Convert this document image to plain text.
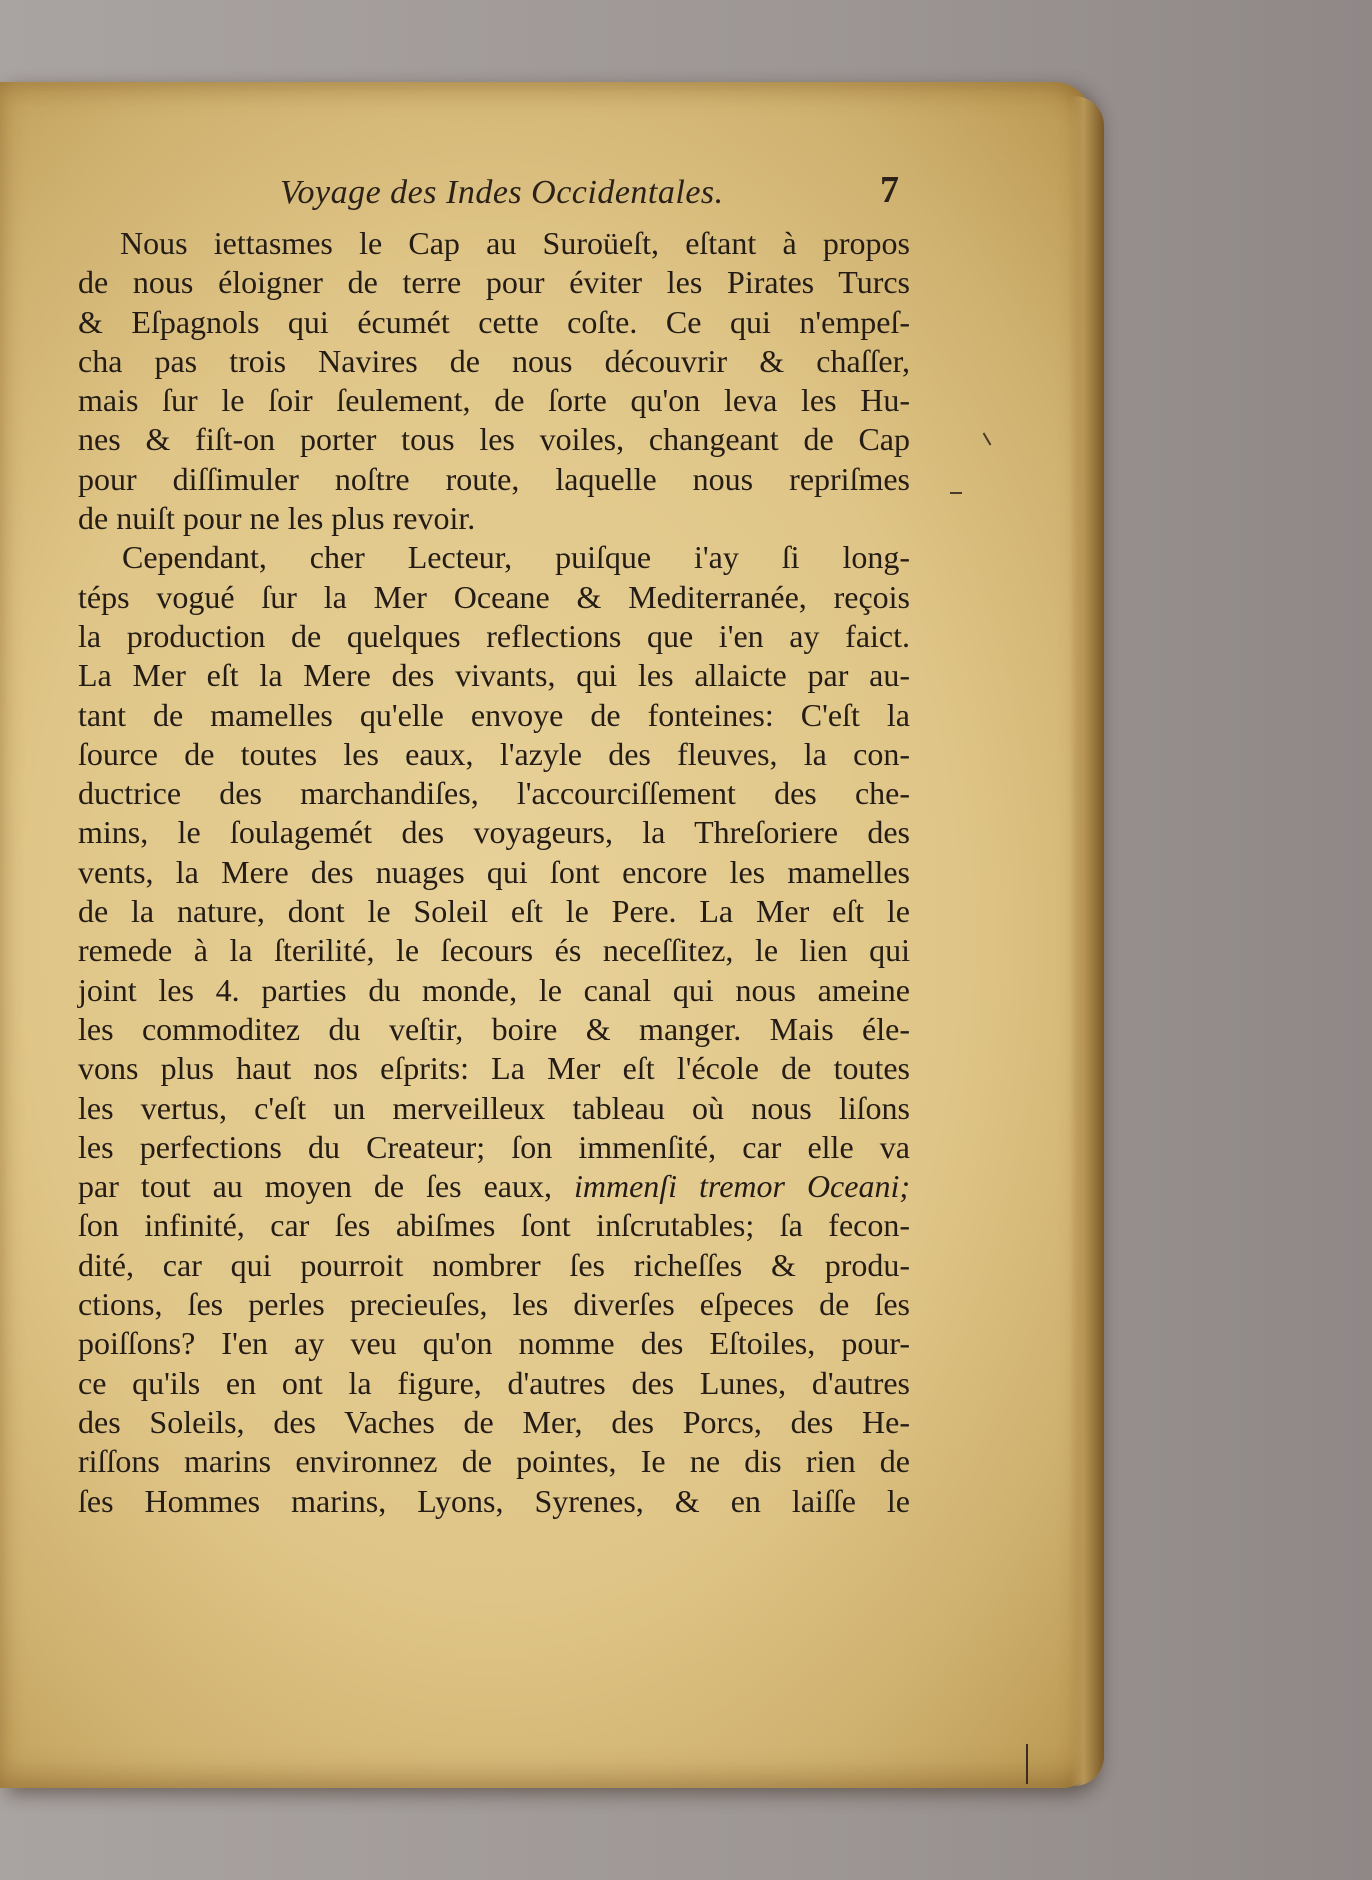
Voyage des Indes Occidentales.	7
Nous iettasmes le Cap au Suroüeſt, eſtant à propos
de nous éloigner de terre pour éviter les Pirates Turcs
& Eſpagnols qui écumét cette coſte. Ce qui n'empeſ-
cha pas trois Navires de nous découvrir & chaſſer,
mais ſur le ſoir ſeulement, de ſorte qu'on leva les Hu-
nes & fiſt-on porter tous les voiles, changeant de Cap
pour diſſimuler noſtre route, laquelle nous repriſmes
de nuiſt pour ne les plus revoir.
Cependant, cher Lecteur, puiſque i'ay ſi long-
téps vogué ſur la Mer Oceane & Mediterranée, reçois
la production de quelques reflections que i'en ay faict.
La Mer eſt la Mere des vivants, qui les allaicte par au-
tant de mamelles qu'elle envoye de fonteines: C'eſt la
ſource de toutes les eaux, l'azyle des fleuves, la con-
ductrice des marchandiſes, l'accourciſſement des che-
mins, le ſoulagemét des voyageurs, la Threſoriere des
vents, la Mere des nuages qui ſont encore les mamelles
de la nature, dont le Soleil eſt le Pere. La Mer eſt le
remede à la ſterilité, le ſecours és neceſſitez, le lien qui
joint les 4. parties du monde, le canal qui nous ameine
les commoditez du veſtir, boire & manger. Mais éle-
vons plus haut nos eſprits: La Mer eſt l'école de toutes
les vertus, c'eſt un merveilleux tableau où nous liſons
les perfections du Createur; ſon immenſité, car elle va
par tout au moyen de ſes eaux, immenſi tremor Oceani;
ſon infinité, car ſes abiſmes ſont inſcrutables; ſa fecon-
dité, car qui pourroit nombrer ſes richeſſes & produ-
ctions, ſes perles precieuſes, les diverſes eſpeces de ſes
poiſſons? I'en ay veu qu'on nomme des Eſtoiles, pour-
ce qu'ils en ont la figure, d'autres des Lunes, d'autres
des Soleils, des Vaches de Mer, des Porcs, des He-
riſſons marins environnez de pointes, Ie ne dis rien de
ſes Hommes marins, Lyons, Syrenes, & en laiſſe le
